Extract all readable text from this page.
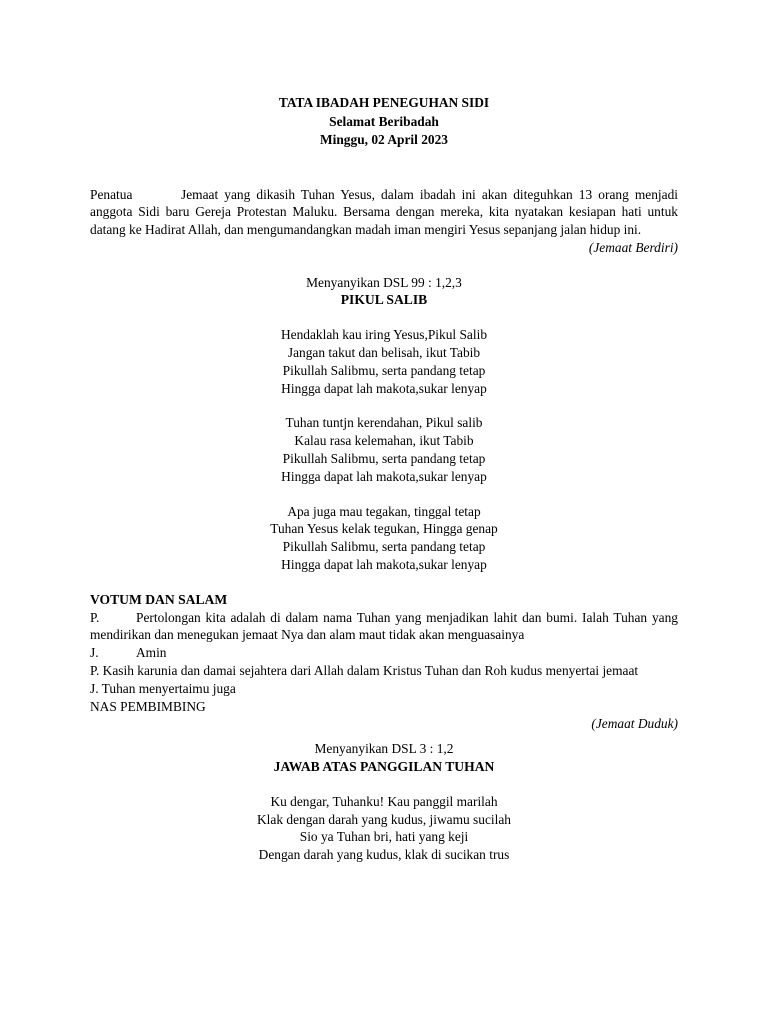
TATA IBADAH PENEGUHAN SIDI
Selamat Beribadah
Minggu, 02 April 2023
Penatua	Jemaat yang dikasih Tuhan Yesus, dalam ibadah ini akan diteguhkan 13 orang menjadi anggota Sidi baru Gereja Protestan Maluku. Bersama dengan mereka, kita nyatakan kesiapan hati untuk datang ke Hadirat Allah, dan mengumandangkan madah iman mengiri Yesus sepanjang jalan hidup ini.
(Jemaat Berdiri)
Menyanyikan DSL 99 : 1,2,3
PIKUL SALIB
Hendaklah kau iring Yesus,Pikul Salib
Jangan takut dan belisah, ikut Tabib
Pikullah Salibmu, serta pandang tetap
Hingga dapat lah makota,sukar lenyap
Tuhan tuntjn kerendahan, Pikul salib
Kalau rasa kelemahan, ikut Tabib
Pikullah Salibmu, serta pandang tetap
Hingga dapat lah makota,sukar lenyap
Apa juga mau tegakan, tinggal tetap
Tuhan Yesus kelak tegukan, Hingga genap
Pikullah Salibmu, serta pandang tetap
Hingga dapat lah makota,sukar lenyap
VOTUM DAN SALAM
P.	Pertolongan kita adalah di dalam nama Tuhan yang menjadikan lahit dan bumi. Ialah Tuhan yang mendirikan dan menegukan jemaat Nya dan alam maut tidak akan menguasainya
J.	Amin
P. Kasih karunia dan damai sejahtera dari Allah dalam Kristus Tuhan dan Roh kudus menyertai jemaat
J. Tuhan menyertaimu juga
NAS PEMBIMBING
(Jemaat Duduk)
Menyanyikan DSL 3 : 1,2
JAWAB ATAS PANGGILAN TUHAN
Ku dengar, Tuhanku! Kau panggil marilah
Klak dengan darah yang kudus, jiwamu sucilah
Sio ya Tuhan bri, hati yang keji
Dengan darah yang kudus, klak di sucikan trus
